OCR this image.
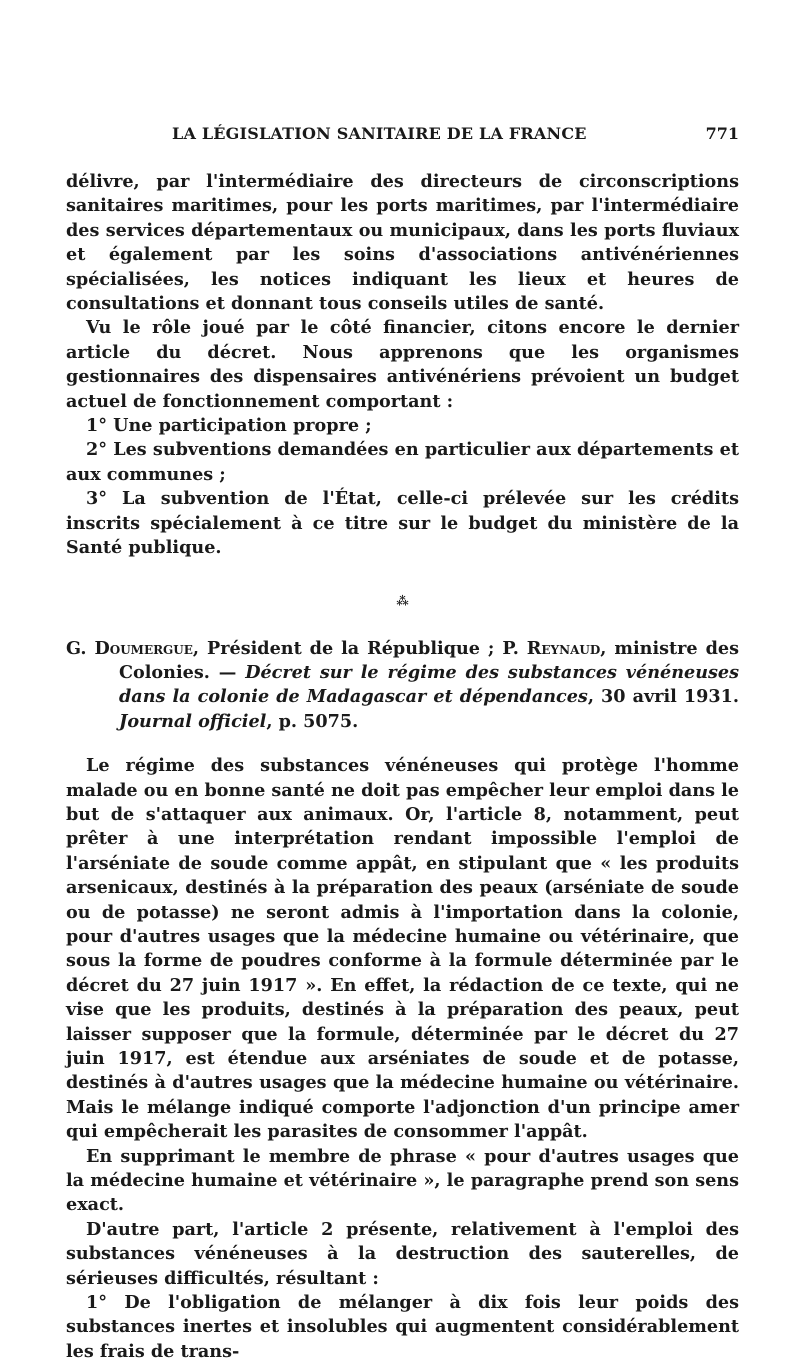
LA LÉGISLATION SANITAIRE DE LA FRANCE	771

délivre, par l'intermédiaire des directeurs de circonscriptions sanitaires maritimes, pour les ports maritimes, par l'intermédiaire des services départementaux ou municipaux, dans les ports fluviaux et également par les soins d'associations antivénériennes spécialisées, les notices indiquant les lieux et heures de consultations et donnant tous conseils utiles de santé.

Vu le rôle joué par le côté financier, citons encore le dernier article du décret. Nous apprenons que les organismes gestionnaires des dispensaires antivénériens prévoient un budget actuel de fonctionnement comportant :

1° Une participation propre ;

2° Les subventions demandées en particulier aux départements et aux communes ;

3° La subvention de l'État, celle-ci prélevée sur les crédits inscrits spécialement à ce titre sur le budget du ministère de la Santé publique.

⁂

G. Doumergue, Président de la République ; P. Reynaud, ministre des Colonies. — Décret sur le régime des substances vénéneuses dans la colonie de Madagascar et dépendances, 30 avril 1931. Journal officiel, p. 5075.

Le régime des substances vénéneuses qui protège l'homme malade ou en bonne santé ne doit pas empêcher leur emploi dans le but de s'attaquer aux animaux. Or, l'article 8, notamment, peut prêter à une interprétation rendant impossible l'emploi de l'arséniate de soude comme appât, en stipulant que « les produits arsenicaux, destinés à la préparation des peaux (arséniate de soude ou de potasse) ne seront admis à l'importation dans la colonie, pour d'autres usages que la médecine humaine ou vétérinaire, que sous la forme de poudres conforme à la formule déterminée par le décret du 27 juin 1917 ». En effet, la rédaction de ce texte, qui ne vise que les produits, destinés à la préparation des peaux, peut laisser supposer que la formule, déterminée par le décret du 27 juin 1917, est étendue aux arséniates de soude et de potasse, destinés à d'autres usages que la médecine humaine ou vétérinaire. Mais le mélange indiqué comporte l'adjonction d'un principe amer qui empêcherait les parasites de consommer l'appât.

En supprimant le membre de phrase « pour d'autres usages que la médecine humaine et vétérinaire », le paragraphe prend son sens exact.

D'autre part, l'article 2 présente, relativement à l'emploi des substances vénéneuses à la destruction des sauterelles, de sérieuses difficultés, résultant :

1° De l'obligation de mélanger à dix fois leur poids des substances inertes et insolubles qui augmentent considérablement les frais de trans-
